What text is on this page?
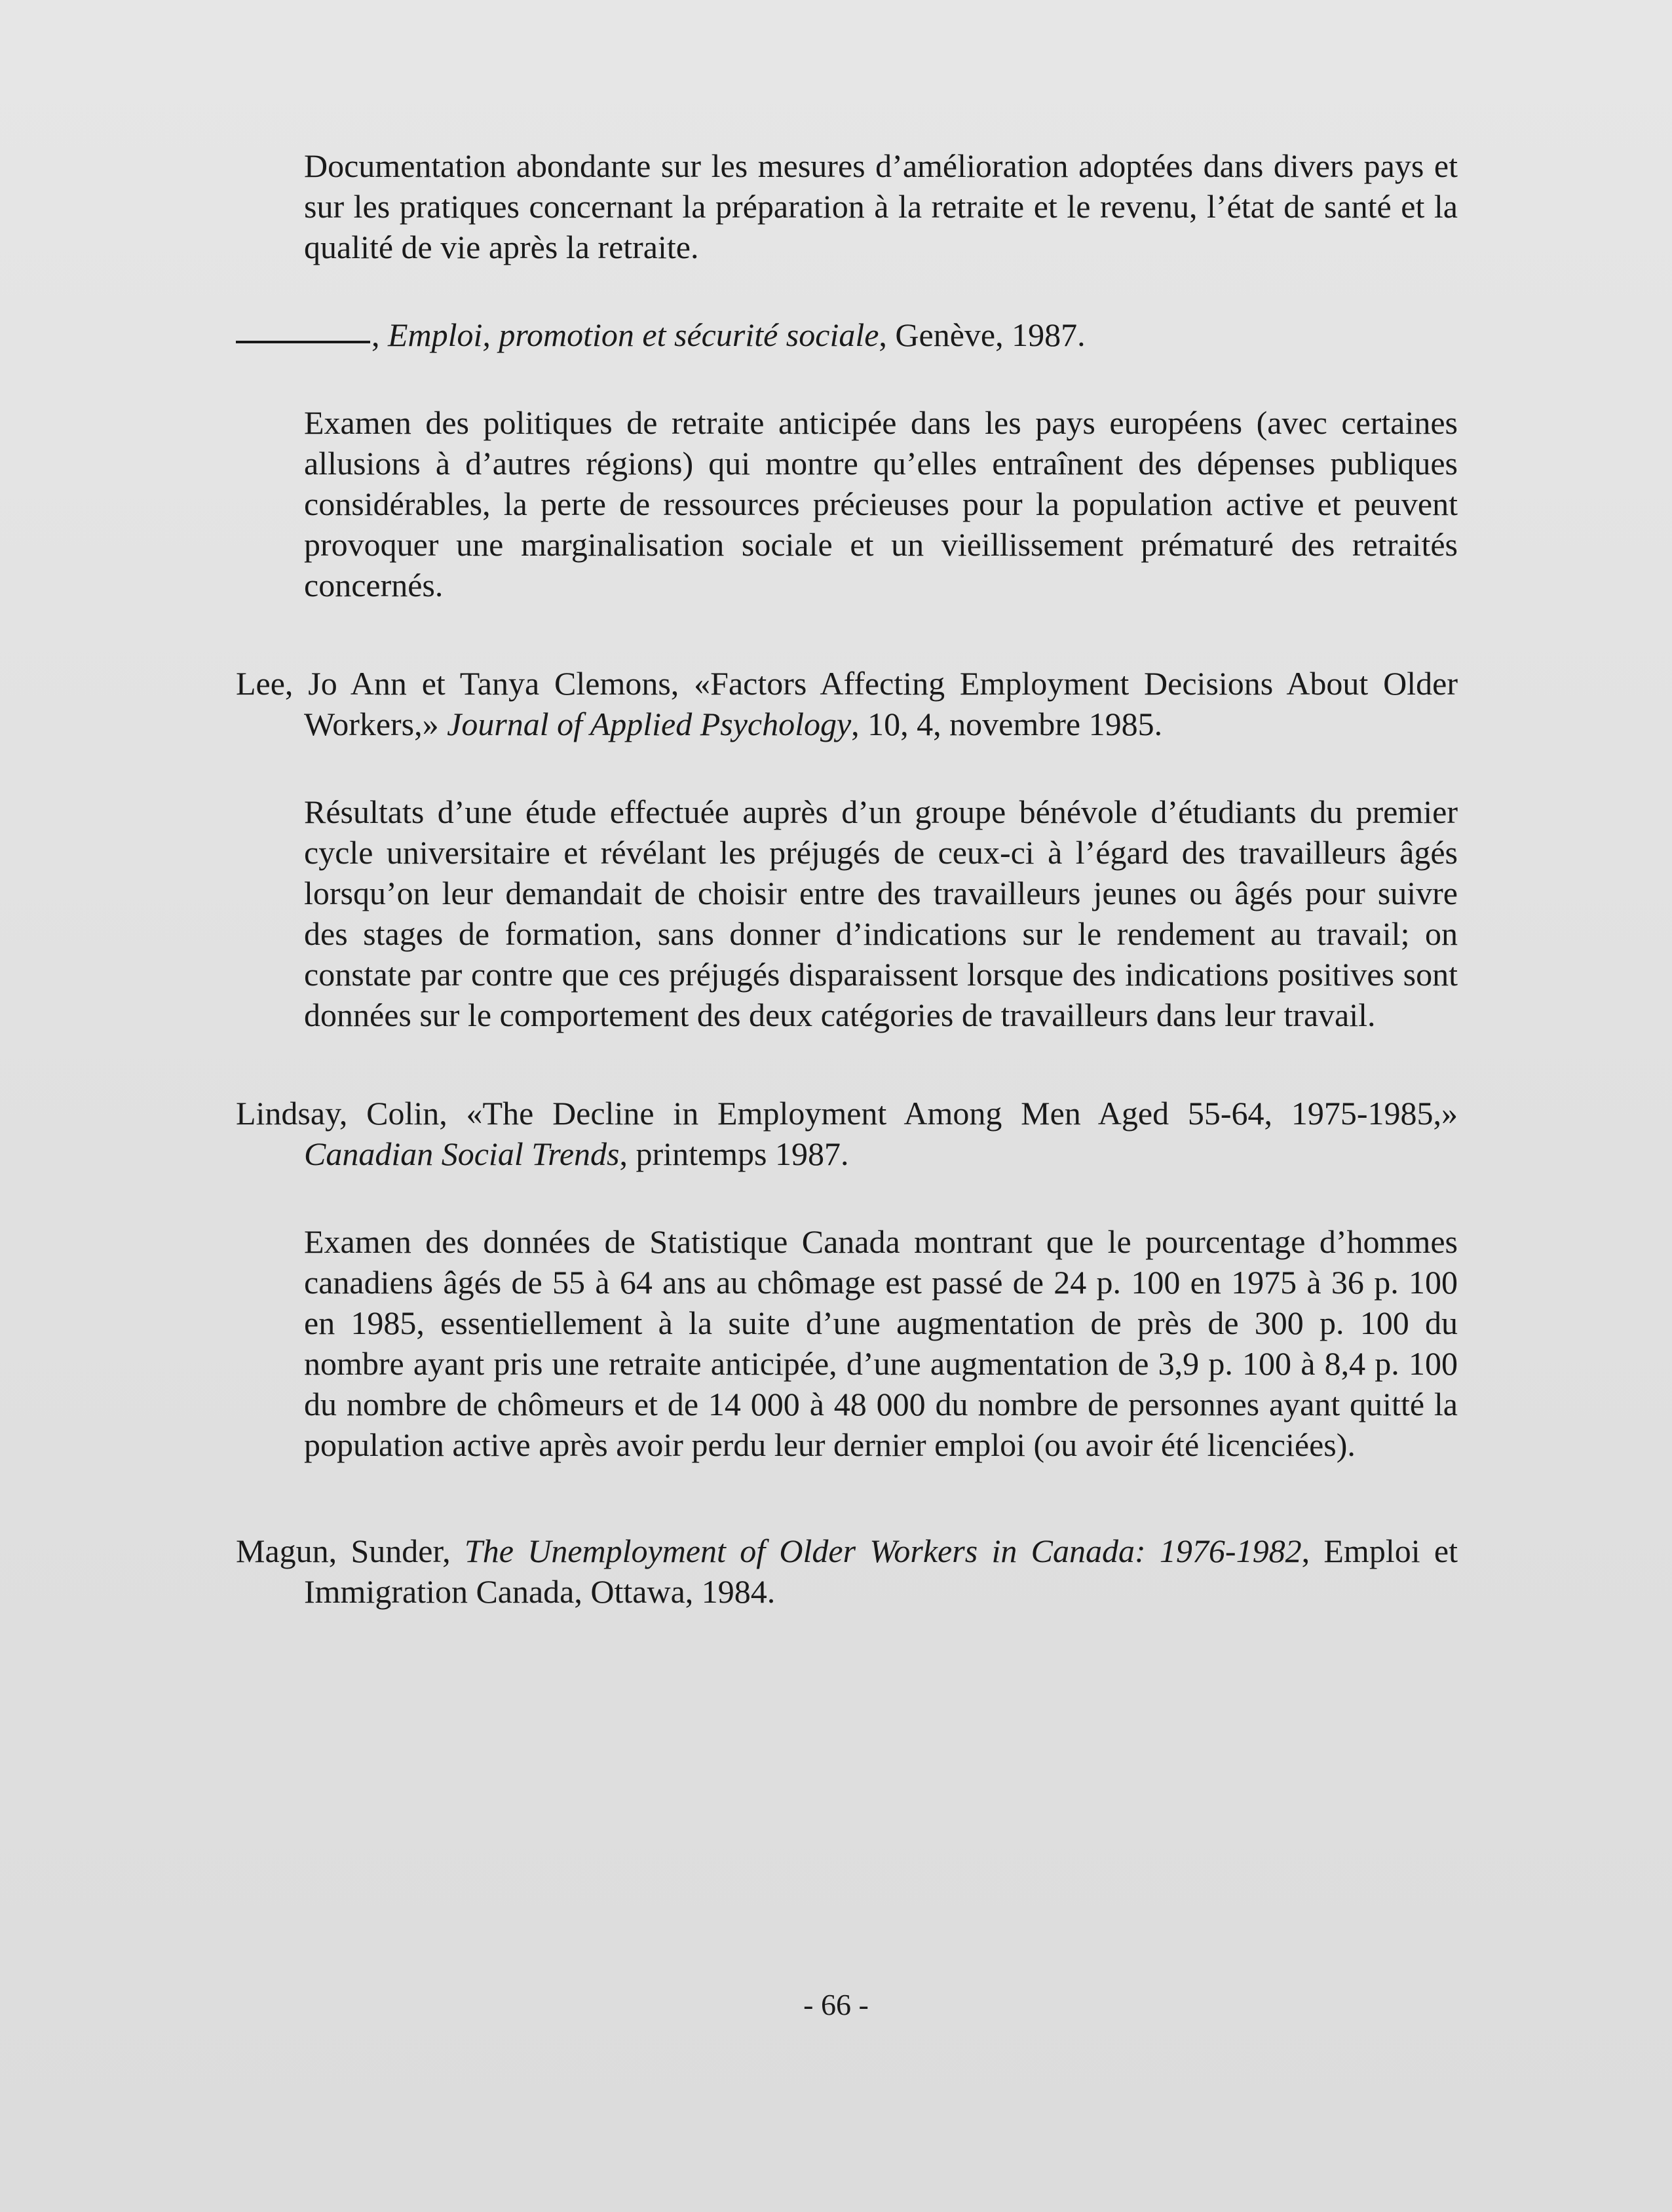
Documentation abondante sur les mesures d’amélioration adoptées dans divers pays et sur les pratiques concernant la préparation à la retraite et le revenu, l’état de santé et la qualité de vie après la retraite.

, Emploi, promotion et sécurité sociale, Genève, 1987.

Examen des politiques de retraite anticipée dans les pays européens (avec certaines allusions à d’autres régions) qui montre qu’elles entraînent des dépenses publiques considérables, la perte de ressources précieuses pour la population active et peuvent provoquer une marginalisation sociale et un vieillissement prématuré des retraités concernés.

Lee, Jo Ann et Tanya Clemons, «Factors Affecting Employment Decisions About Older Workers,» Journal of Applied Psychology, 10, 4, novembre 1985.

Résultats d’une étude effectuée auprès d’un groupe bénévole d’étudiants du premier cycle universitaire et révélant les préjugés de ceux-ci à l’égard des travailleurs âgés lorsqu’on leur demandait de choisir entre des travailleurs jeunes ou âgés pour suivre des stages de formation, sans donner d’indications sur le rendement au travail; on constate par contre que ces préjugés disparaissent lorsque des indications positives sont données sur le comportement des deux catégories de travailleurs dans leur travail.

Lindsay, Colin, «The Decline in Employment Among Men Aged 55-64, 1975-1985,» Canadian Social Trends, printemps 1987.

Examen des données de Statistique Canada montrant que le pourcentage d’hommes canadiens âgés de 55 à 64 ans au chômage est passé de 24 p. 100 en 1975 à 36 p. 100 en 1985, essentiellement à la suite d’une augmentation de près de 300 p. 100 du nombre ayant pris une retraite anticipée, d’une augmentation de 3,9 p. 100 à 8,4 p. 100 du nombre de chômeurs et de 14 000 à 48 000 du nombre de personnes ayant quitté la population active après avoir perdu leur dernier emploi (ou avoir été licenciées).

Magun, Sunder, The Unemployment of Older Workers in Canada: 1976-1982, Emploi et Immigration Canada, Ottawa, 1984.

- 66 -
